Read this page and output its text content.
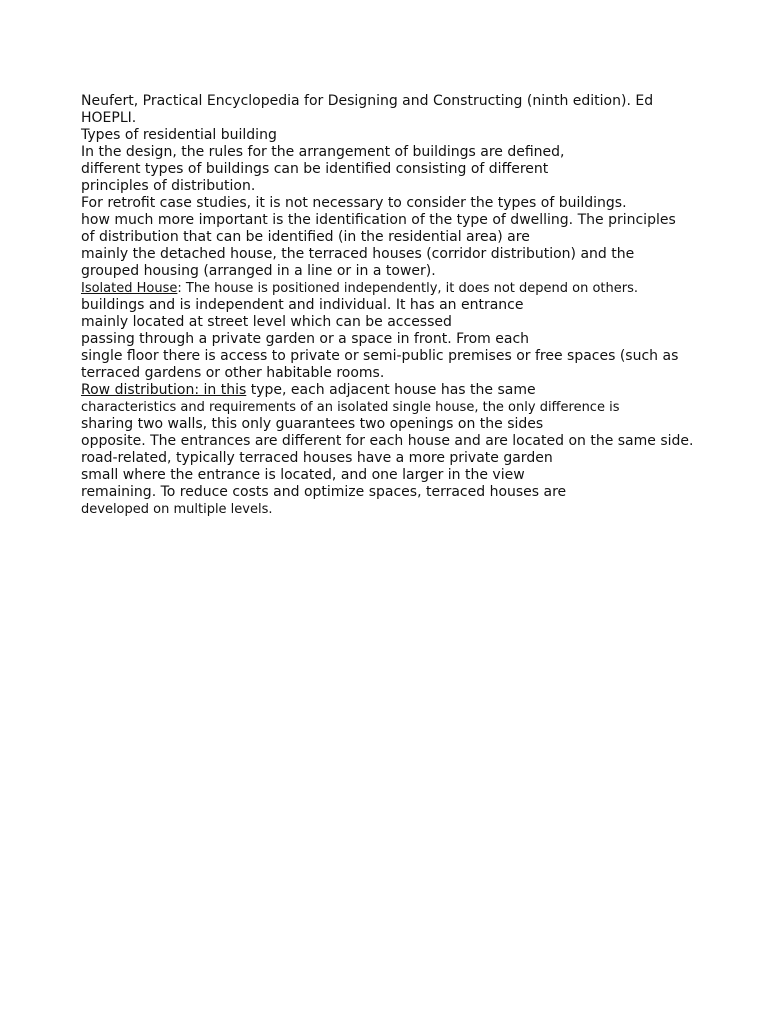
Neufert, Practical Encyclopedia for Designing and Constructing (ninth edition). Ed
HOEPLI.
Types of residential building
In the design, the rules for the arrangement of buildings are defined,
different types of buildings can be identified consisting of different
principles of distribution.
For retrofit case studies, it is not necessary to consider the types of buildings.
how much more important is the identification of the type of dwelling. The principles
of distribution that can be identified (in the residential area) are
mainly the detached house, the terraced houses (corridor distribution) and the
grouped housing (arranged in a line or in a tower).
Isolated House: The house is positioned independently, it does not depend on others.
buildings and is independent and individual. It has an entrance
mainly located at street level which can be accessed
passing through a private garden or a space in front. From each
single floor there is access to private or semi-public premises or free spaces (such as
terraced gardens or other habitable rooms.
Row distribution: in this type, each adjacent house has the same
characteristics and requirements of an isolated single house, the only difference is
sharing two walls, this only guarantees two openings on the sides
opposite. The entrances are different for each house and are located on the same side.
road-related, typically terraced houses have a more private garden
small where the entrance is located, and one larger in the view
remaining. To reduce costs and optimize spaces, terraced houses are
developed on multiple levels.
